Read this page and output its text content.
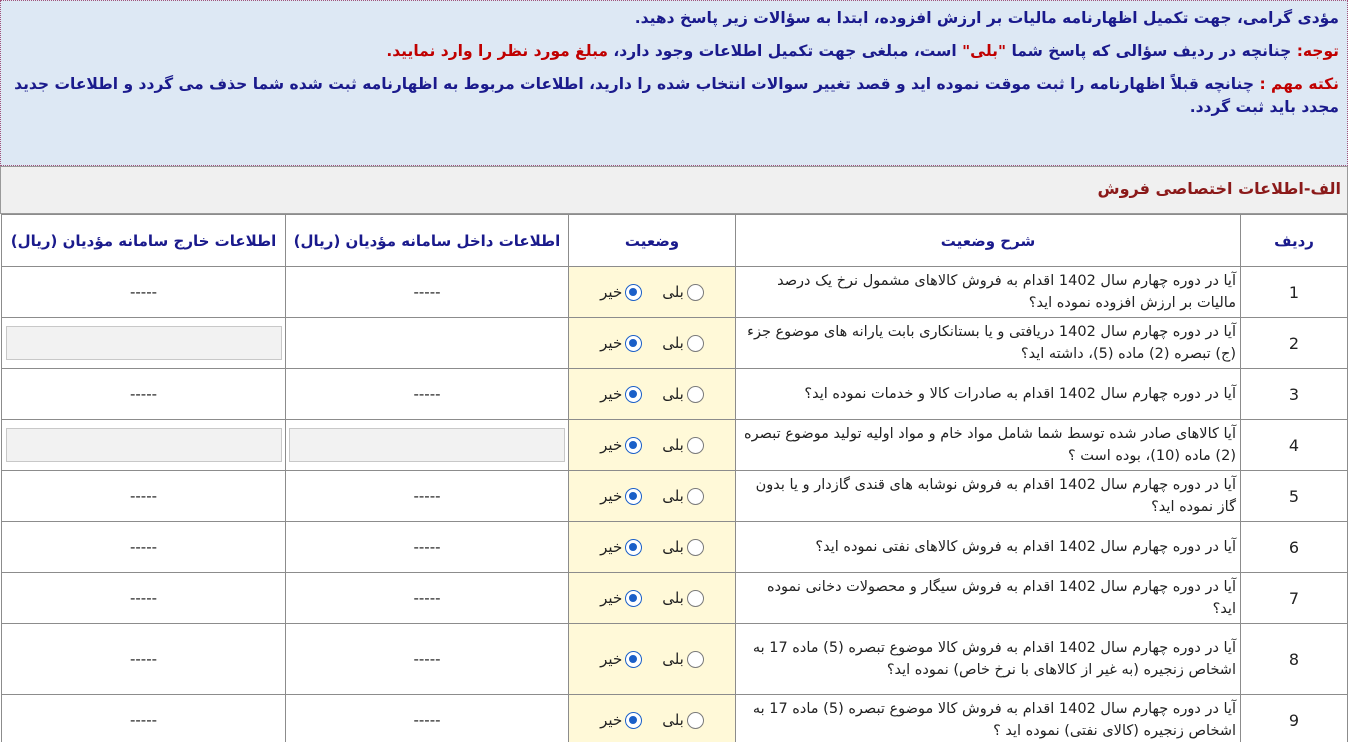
مؤدی گرامی، جهت تکمیل اظهارنامه مالیات بر ارزش افزوده، ابتدا به سؤالات زیر پاسخ دهید.

توجه: چنانچه در ردیف سؤالی که پاسخ شما "بلی" است، مبلغی جهت تکمیل اطلاعات وجود دارد، مبلغ مورد نظر را وارد نمایید.

نکته مهم : چنانچه قبلاً اظهارنامه را ثبت موقت نموده اید و قصد تغییر سوالات انتخاب شده را دارید، اطلاعات مربوط به اظهارنامه ثبت شده شما حذف می گردد و اطلاعات جدید مجدد باید ثبت گردد.

الف-اطلاعات اختصاصی فروش
ردیف	شرح وضعیت	وضعیت	اطلاعات داخل سامانه مؤدیان (ریال)	اطلاعات خارج سامانه مؤدیان (ریال)
1	آیا در دوره چهارم سال 1402 اقدام به فروش کالاهای مشمول نرخ یک درصد مالیات بر ارزش افزوده نموده اید؟	بلی
خیر	-----	-----
2	آیا در دوره چهارم سال 1402 دریافتی و یا بستانکاری بابت یارانه های موضوع جزء (ج) تبصره (2) ماده (5)، داشته اید؟	بلی
خیر		

3	آیا در دوره چهارم سال 1402 اقدام به صادرات کالا و خدمات نموده اید؟	بلی
خیر	-----	-----
4	آیا کالاهای صادر شده توسط شما شامل مواد خام و مواد اولیه تولید موضوع تبصره (2) ماده (10)، بوده است ؟	بلی
خیر		

5	آیا در دوره چهارم سال 1402 اقدام به فروش نوشابه های قندی گازدار و یا بدون گاز نموده اید؟	بلی
خیر	-----	-----
6	آیا در دوره چهارم سال 1402 اقدام به فروش کالاهای نفتی نموده اید؟	بلی
خیر	-----	-----
7	آیا در دوره چهارم سال 1402 اقدام به فروش سیگار و محصولات دخانی نموده اید؟	بلی
خیر	-----	-----
8	آیا در دوره چهارم سال 1402 اقدام به فروش کالا موضوع تبصره (5) ماده 17 به اشخاص زنجیره (به غیر از کالاهای با نرخ خاص) نموده اید؟	بلی
خیر	-----	-----
9	آیا در دوره چهارم سال 1402 اقدام به فروش کالا موضوع تبصره (5) ماده 17 به اشخاص زنجیره (کالای نفتی) نموده اید ؟	بلی
خیر	-----	-----
